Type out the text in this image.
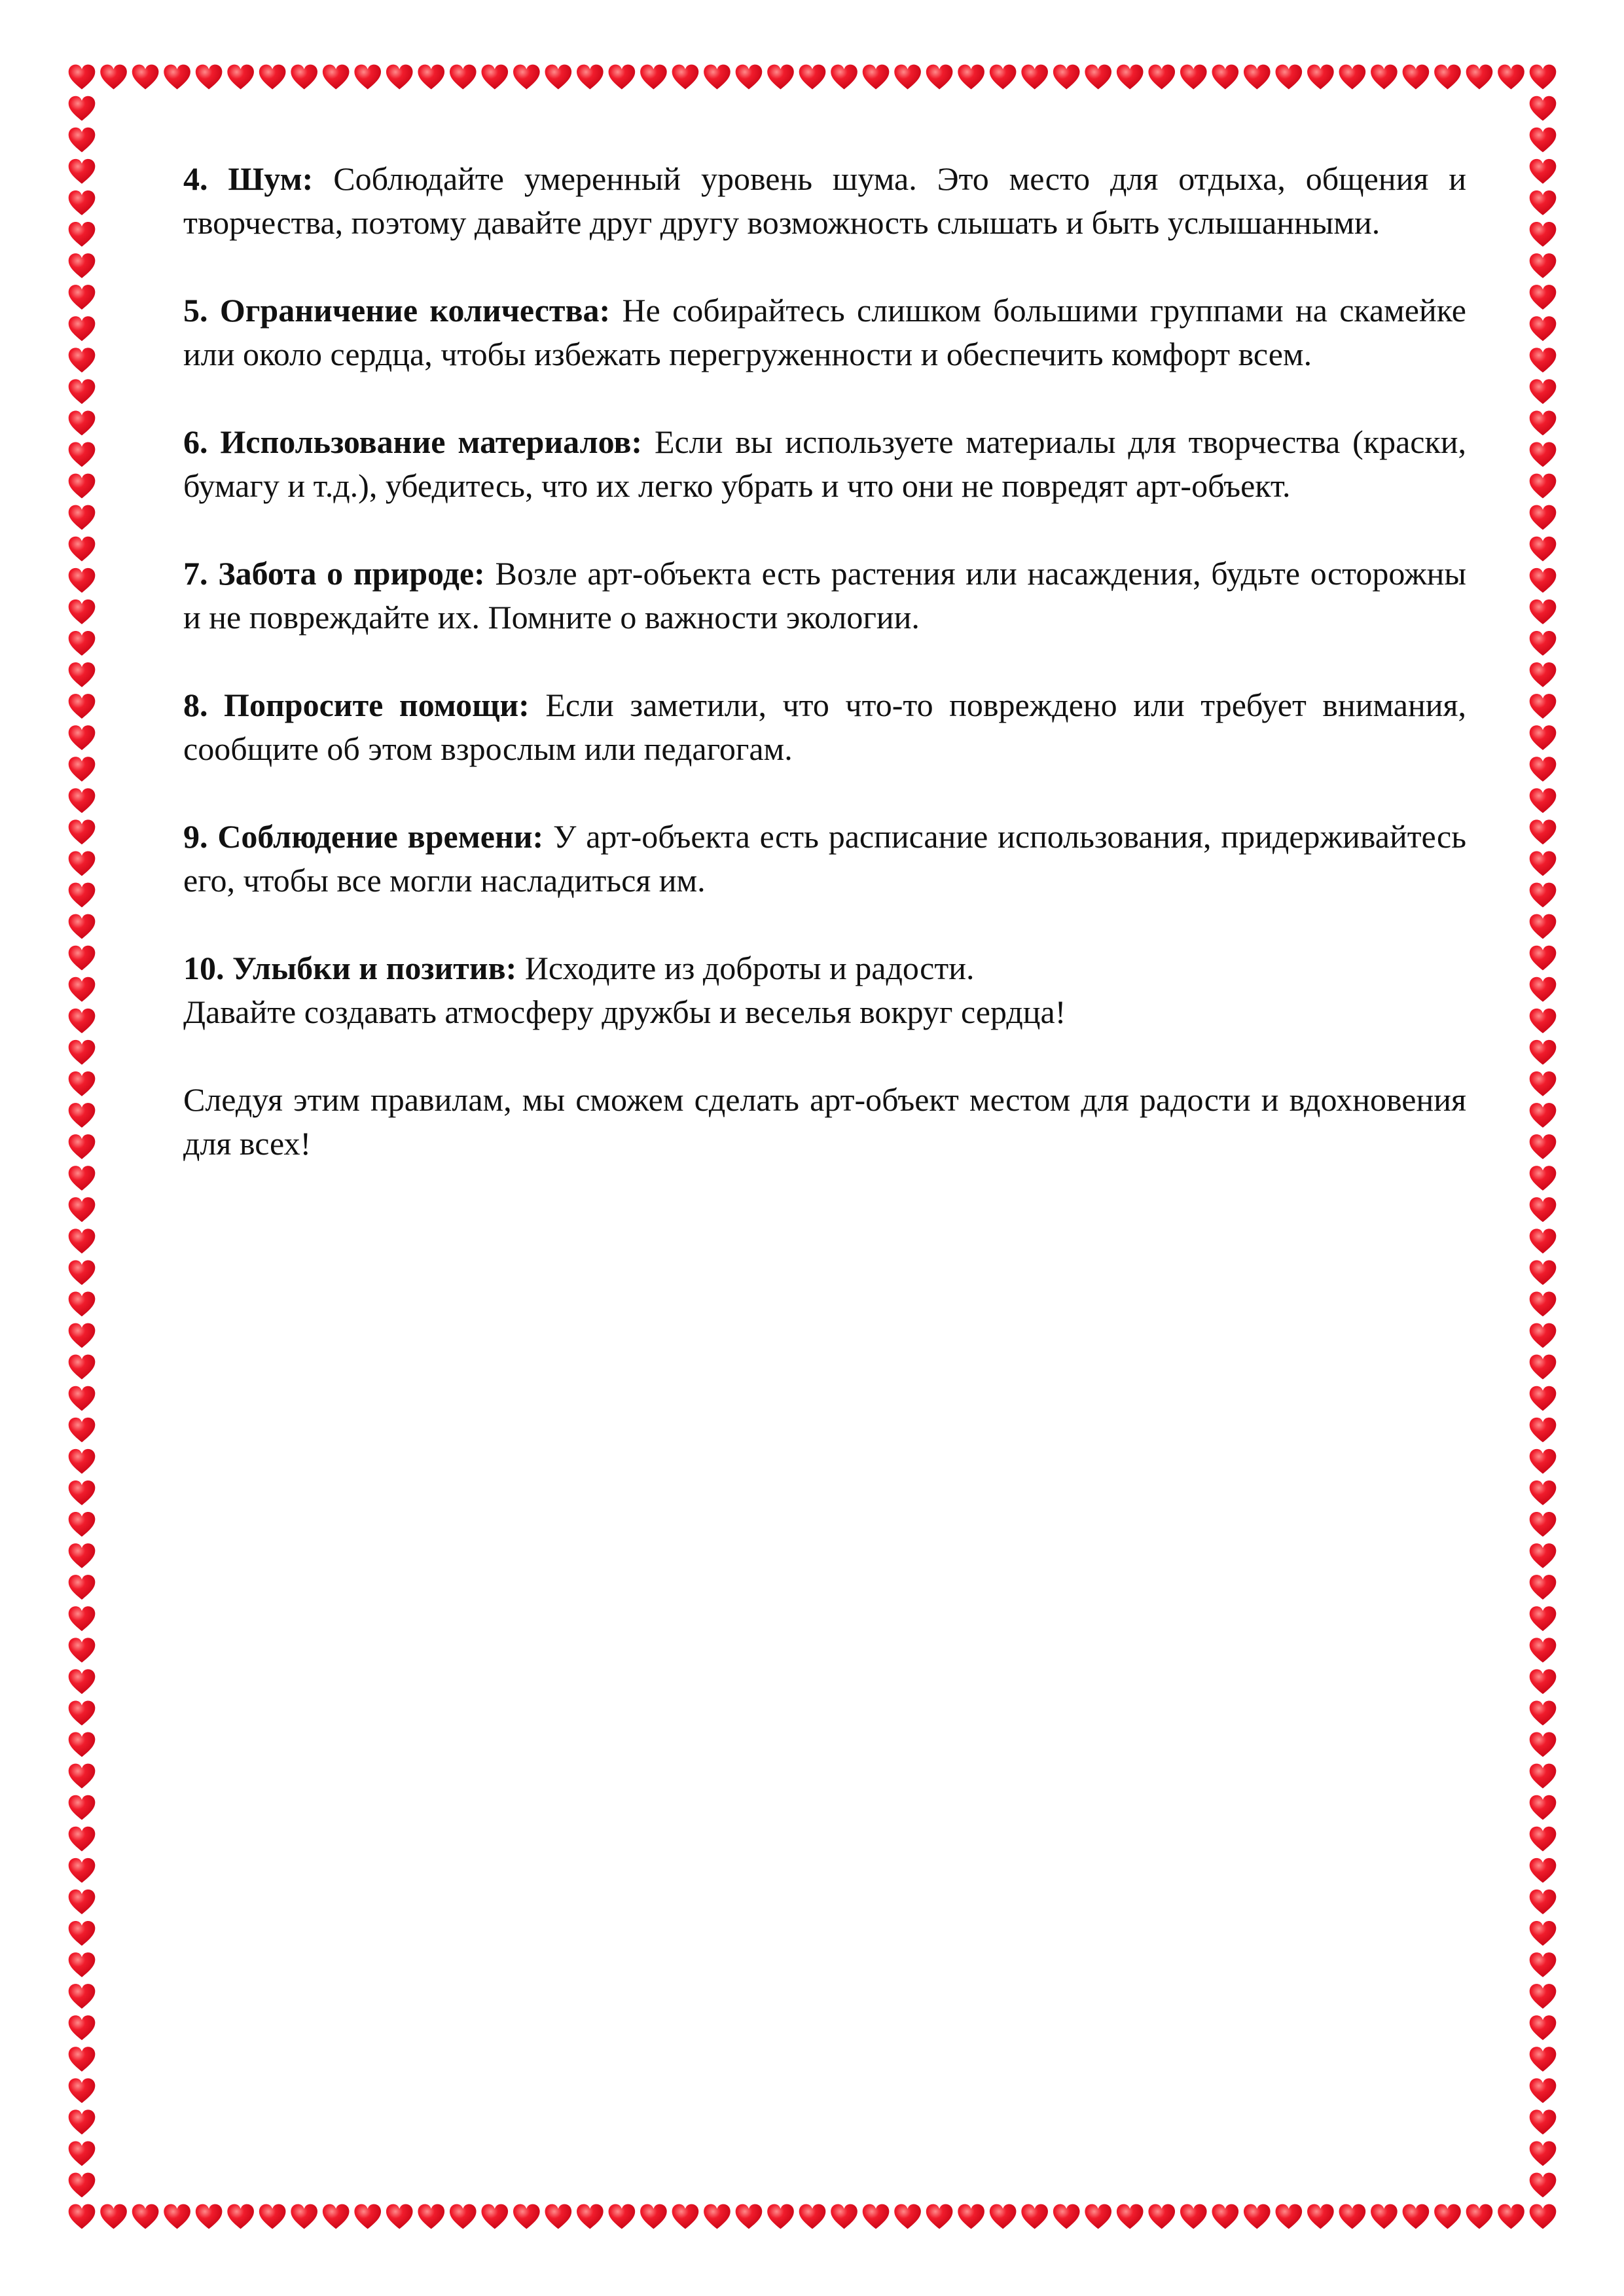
4. Шум: Соблюдайте умеренный уровень шума. Это место для отдыха, общения и творчества, поэтому давайте друг другу возможность слышать и быть услышанными.

5. Ограничение количества: Не собирайтесь слишком большими группами на скамейке или около сердца, чтобы избежать перегруженности и обеспечить комфорт всем.

6. Использование материалов: Если вы используете материалы для творчества (краски, бумагу и т.д.), убедитесь, что их легко убрать и что они не повредят арт-объект.

7. Забота о природе: Возле арт-объекта есть растения или насаждения, будьте осторожны и не повреждайте их. Помните о важности экологии.

8. Попросите помощи: Если заметили, что что-то повреждено или требует внимания, сообщите об этом взрослым или педагогам.

9. Соблюдение времени: У арт-объекта есть расписание использования, придерживайтесь его, чтобы все могли насладиться им.

10. Улыбки и позитив: Исходите из доброты и радости.
Давайте создавать атмосферу дружбы и веселья вокруг сердца!

Следуя этим правилам, мы сможем сделать арт-объект местом для радости и вдохновения для всех!
